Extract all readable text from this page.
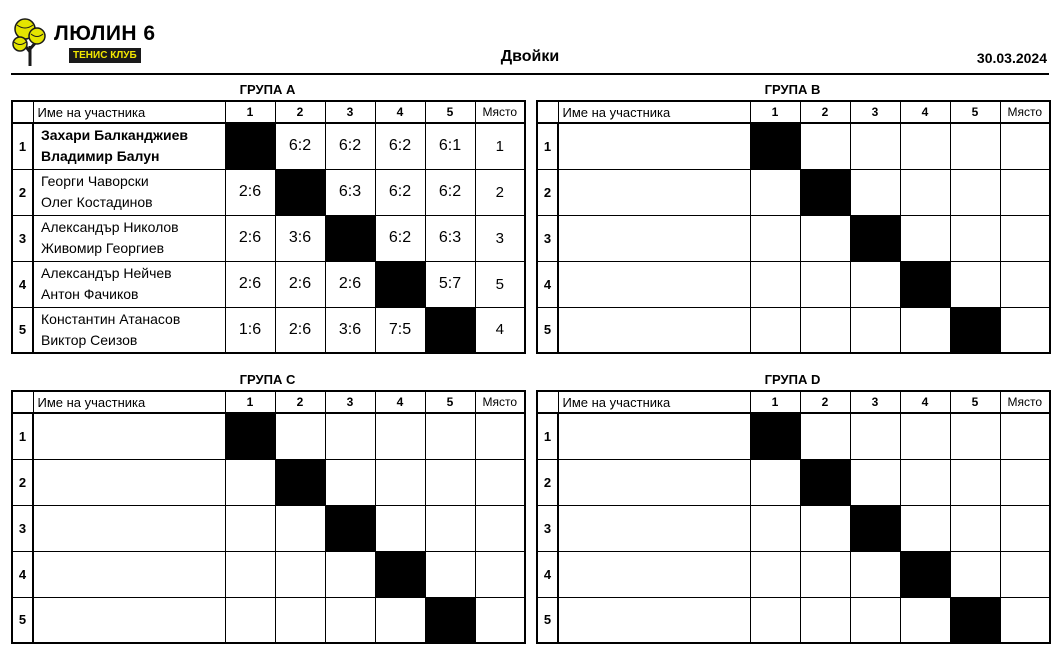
ЛЮЛИН 6
ТЕНИС КЛУБ	Двойки	30.03.2024
ГРУПА A
	Име на участника	1	2	3	4	5	Място
1	Захари Балканджиев
Владимир Балун		6:2	6:2	6:2	6:1	1
2	Георги Чаворски
Олег Костадинов	2:6		6:3	6:2	6:2	2
3	Александър Николов
Живомир Георгиев	2:6	3:6		6:2	6:3	3
4	Александър Нейчев
Антон Фачиков	2:6	2:6	2:6		5:7	5
5	Константин Атанасов
Виктор Сеизов	1:6	2:6	3:6	7:5		4
ГРУПА B
	Име на участника	1	2	3	4	5	Място
1							
2							
3							
4							
5							
ГРУПА C
	Име на участника	1	2	3	4	5	Място
1							
2							
3							
4							
5							
ГРУПА D
	Име на участника	1	2	3	4	5	Място
1							
2							
3							
4							
5							
